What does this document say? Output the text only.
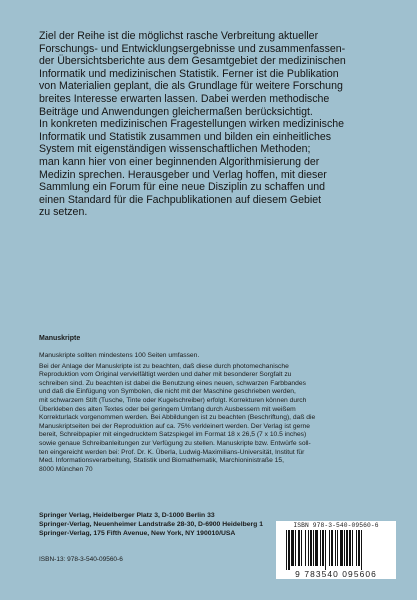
Ziel der Reihe ist die möglichst rasche Verbreitung aktueller
Forschungs- und Entwicklungsergebnisse und zusammenfassen-
der Übersichtsberichte aus dem Gesamtgebiet der medizinischen
Informatik und medizinischen Statistik. Ferner ist die Publikation
von Materialien geplant, die als Grundlage für weitere Forschung
breites Interesse erwarten lassen. Dabei werden methodische
Beiträge und Anwendungen gleichermaßen berücksichtigt.
In konkreten medizinischen Fragestellungen wirken medizinische
Informatik und Statistik zusammen und bilden ein einheitliches
System mit eigenständigen wissenschaftlichen Methoden;
man kann hier von einer beginnenden Algorithmisierung der
Medizin sprechen. Herausgeber und Verlag hoffen, mit dieser
Sammlung ein Forum für eine neue Disziplin zu schaffen und
einen Standard für die Fachpublikationen auf diesem Gebiet
zu setzen.
Manuskripte
Manuskripte sollten mindestens 100 Seiten umfassen.
Bei der Anlage der Manuskripte ist zu beachten, daß diese durch photomechanische
Reproduktion vom Original vervielfältigt werden und daher mit besonderer Sorgfalt zu
schreiben sind. Zu beachten ist dabei die Benutzung eines neuen, schwarzen Farbbandes
und daß die Einfügung von Symbolen, die nicht mit der Maschine geschrieben werden,
mit schwarzem Stift (Tusche, Tinte oder Kugelschreiber) erfolgt. Korrekturen können durch
Überkleben des alten Textes oder bei geringem Umfang durch Ausbessern mit weißem
Korrekturlack vorgenommen werden. Bei Abbildungen ist zu beachten (Beschriftung), daß die
Manuskriptseiten bei der Reproduktion auf ca. 75% verkleinert werden. Der Verlag ist gerne
bereit, Schreibpapier mit eingedrucktem Satzspiegel im Format 18 x 26,5 (7 x 10.5 inches)
sowie genaue Schreibanleitungen zur Verfügung zu stellen. Manuskripte bzw. Entwürfe soll-
ten eingereicht werden bei: Prof. Dr. K. Überla, Ludwig-Maximilians-Universität, Institut für
Med. Informationsverarbeitung, Statistik und Biomathematik, Marchioninistraße 15,
8000 München 70
Springer Verlag, Heidelberger Platz 3, D-1000 Berlin 33
Springer-Verlag, Neuenheimer Landstraße 28-30, D-6900 Heidelberg 1
Springer-Verlag, 175 Fifth Avenue, New York, NY 190010/USA
ISBN-13: 978-3-540-09560-6
ISBN 978-3-540-09560-6
9 783540 095606
